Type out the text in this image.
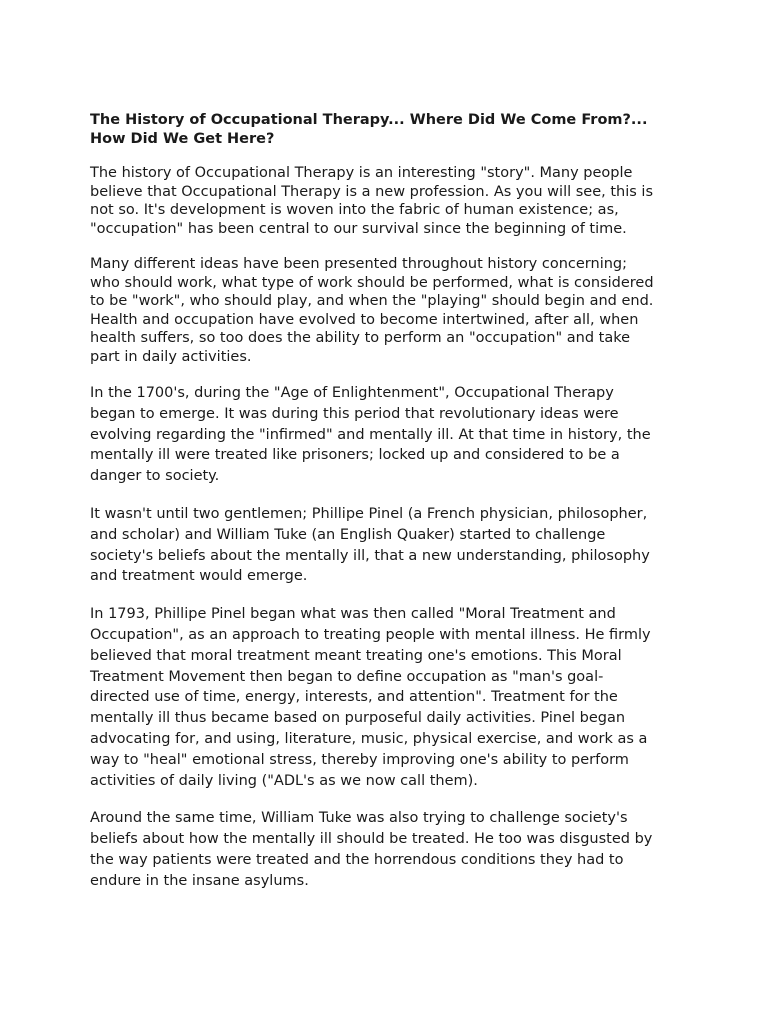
The History of Occupational Therapy... Where Did We Come From?...
How Did We Get Here?
The history of Occupational Therapy is an interesting "story". Many people
believe that Occupational Therapy is a new profession. As you will see, this is
not so. It's development is woven into the fabric of human existence; as,
"occupation" has been central to our survival since the beginning of time.
Many different ideas have been presented throughout history concerning;
who should work, what type of work should be performed, what is considered
to be "work", who should play, and when the "playing" should begin and end.
Health and occupation have evolved to become intertwined, after all, when
health suffers, so too does the ability to perform an "occupation" and take
part in daily activities.
In the 1700's, during the "Age of Enlightenment", Occupational Therapy
began to emerge. It was during this period that revolutionary ideas were
evolving regarding the "infirmed" and mentally ill. At that time in history, the
mentally ill were treated like prisoners; locked up and considered to be a
danger to society.
It wasn't until two gentlemen; Phillipe Pinel (a French physician, philosopher,
and scholar) and William Tuke (an English Quaker) started to challenge
society's beliefs about the mentally ill, that a new understanding, philosophy
and treatment would emerge.
In 1793, Phillipe Pinel began what was then called "Moral Treatment and
Occupation", as an approach to treating people with mental illness. He firmly
believed that moral treatment meant treating one's emotions. This Moral
Treatment Movement then began to define occupation as "man's goal-
directed use of time, energy, interests, and attention". Treatment for the
mentally ill thus became based on purposeful daily activities. Pinel began
advocating for, and using, literature, music, physical exercise, and work as a
way to "heal" emotional stress, thereby improving one's ability to perform
activities of daily living ("ADL's as we now call them).
Around the same time, William Tuke was also trying to challenge society's
beliefs about how the mentally ill should be treated. He too was disgusted by
the way patients were treated and the horrendous conditions they had to
endure in the insane asylums.
